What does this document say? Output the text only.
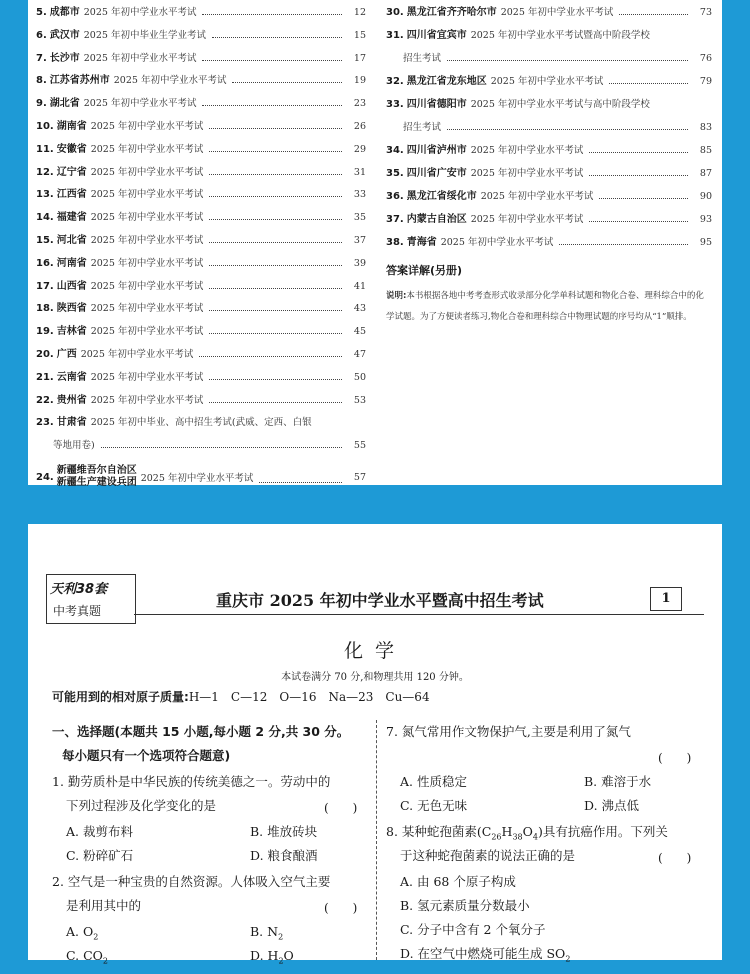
5. 成都市 2025 年初中学业水平考试	12
6. 武汉市 2025 年初中毕业生学业考试	15
7. 长沙市 2025 年初中学业水平考试	17
8. 江苏省苏州市 2025 年初中学业水平考试	19
9. 湖北省 2025 年初中学业水平考试	23
10. 湖南省 2025 年初中学业水平考试	26
11. 安徽省 2025 年初中学业水平考试	29
12. 辽宁省 2025 年初中学业水平考试	31
13. 江西省 2025 年初中学业水平考试	33
14. 福建省 2025 年初中学业水平考试	35
15. 河北省 2025 年初中学业水平考试	37
16. 河南省 2025 年初中学业水平考试	39
17. 山西省 2025 年初中学业水平考试	41
18. 陕西省 2025 年初中学业水平考试	43
19. 吉林省 2025 年初中学业水平考试	45
20. 广西 2025 年初中学业水平考试	47
21. 云南省 2025 年初中学业水平考试	50
22. 贵州省 2025 年初中学业水平考试	53
30. 黑龙江省齐齐哈尔市 2025 年初中学业水平考试	73
31. 四川省宜宾市 2025 年初中学业水平考试暨高中阶段学校
招生考试	76
32. 黑龙江省龙东地区 2025 年初中学业水平考试	79
33. 四川省德阳市 2025 年初中学业水平考试与高中阶段学校
招生考试	83
34. 四川省泸州市 2025 年初中学业水平考试	85
35. 四川省广安市 2025 年初中学业水平考试	87
36. 黑龙江省绥化市 2025 年初中学业水平考试	90
37. 内蒙古自治区 2025 年初中学业水平考试	93
38. 青海省 2025 年初中学业水平考试	95
23. 甘肃省 2025 年初中毕业、高中招生考试(武威、定西、白银
等地用卷)	55
24.
新疆维吾尔自治区
新疆生产建设兵团 2025 年初中学业水平考试	57
答案详解(另册)
说明:本书根据各地中考考查形式收录部分化学单科试题和物化合卷、理科综合中的化学试题。为了方便读者练习,物化合卷和理科综合中物理试题的序号均从“1”顺排。
天利38套
中考真题
重庆市 2025 年初中学业水平暨高中招生考试	1
化学
本试卷满分 70 分,和物理共用 120 分钟。
可能用到的相对原子质量:H—1　C—12　O—16　Na—23　Cu—64
一、选择题(本题共 15 小题,每小题 2 分,共 30 分。
每小题只有一个选项符合题意)
1. 勤劳质朴是中华民族的传统美德之一。劳动中的
下列过程涉及化学变化的是	(　　)
A. 裁剪布料	B. 堆放砖块
C. 粉碎矿石	D. 粮食酿酒
2. 空气是一种宝贵的自然资源。人体吸入空气主要
是利用其中的	(　　)
A. $O_2$	B. $N_2$
C. $CO_2$	D. $H_2O$
7. 氮气常用作文物保护气,主要是利用了氮气
(　　)
A. 性质稳定	B. 难溶于水
C. 无色无味	D. 沸点低
8. 某种蛇孢菌素$(C_{26}H_{38}O_4)$具有抗癌作用。下列关
于这种蛇孢菌素的说法正确的是	(　　)
A. 由 68 个原子构成
B. 氢元素质量分数最小
C. 分子中含有 2 个氧分子
D. 在空气中燃烧可能生成 $SO_2$
